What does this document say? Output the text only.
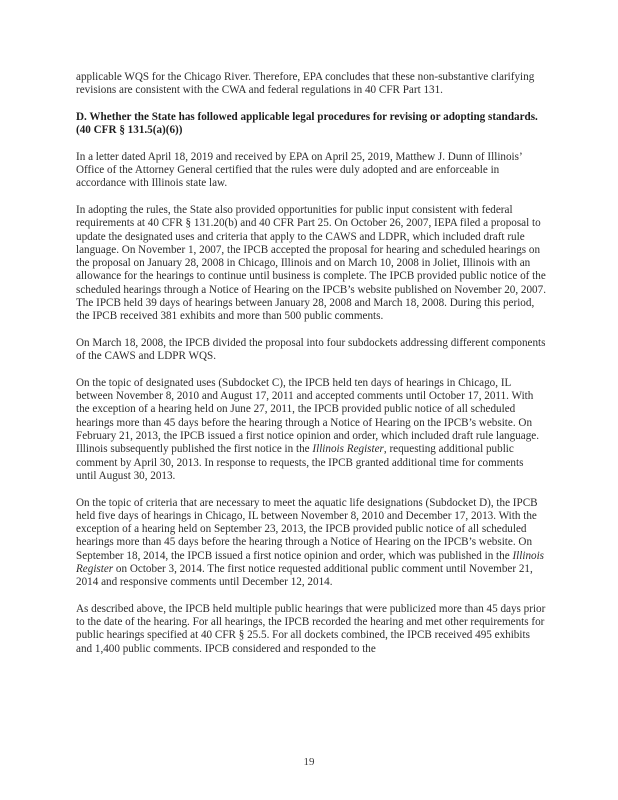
applicable WQS for the Chicago River. Therefore, EPA concludes that these non-substantive clarifying revisions are consistent with the CWA and federal regulations in 40 CFR Part 131.

D. Whether the State has followed applicable legal procedures for revising or adopting standards. (40 CFR § 131.5(a)(6))

In a letter dated April 18, 2019 and received by EPA on April 25, 2019, Matthew J. Dunn of Illinois’ Office of the Attorney General certified that the rules were duly adopted and are enforceable in accordance with Illinois state law.

In adopting the rules, the State also provided opportunities for public input consistent with federal requirements at 40 CFR § 131.20(b) and 40 CFR Part 25. On October 26, 2007, IEPA filed a proposal to update the designated uses and criteria that apply to the CAWS and LDPR, which included draft rule language. On November 1, 2007, the IPCB accepted the proposal for hearing and scheduled hearings on the proposal on January 28, 2008 in Chicago, Illinois and on March 10, 2008 in Joliet, Illinois with an allowance for the hearings to continue until business is complete. The IPCB provided public notice of the scheduled hearings through a Notice of Hearing on the IPCB’s website published on November 20, 2007. The IPCB held 39 days of hearings between January 28, 2008 and March 18, 2008. During this period, the IPCB received 381 exhibits and more than 500 public comments.

On March 18, 2008, the IPCB divided the proposal into four subdockets addressing different components of the CAWS and LDPR WQS.

On the topic of designated uses (Subdocket C), the IPCB held ten days of hearings in Chicago, IL between November 8, 2010 and August 17, 2011 and accepted comments until October 17, 2011. With the exception of a hearing held on June 27, 2011, the IPCB provided public notice of all scheduled hearings more than 45 days before the hearing through a Notice of Hearing on the IPCB’s website. On February 21, 2013, the IPCB issued a first notice opinion and order, which included draft rule language. Illinois subsequently published the first notice in the Illinois Register, requesting additional public comment by April 30, 2013. In response to requests, the IPCB granted additional time for comments until August 30, 2013.

On the topic of criteria that are necessary to meet the aquatic life designations (Subdocket D), the IPCB held five days of hearings in Chicago, IL between November 8, 2010 and December 17, 2013. With the exception of a hearing held on September 23, 2013, the IPCB provided public notice of all scheduled hearings more than 45 days before the hearing through a Notice of Hearing on the IPCB’s website. On September 18, 2014, the IPCB issued a first notice opinion and order, which was published in the Illinois Register on October 3, 2014. The first notice requested additional public comment until November 21, 2014 and responsive comments until December 12, 2014.

As described above, the IPCB held multiple public hearings that were publicized more than 45 days prior to the date of the hearing. For all hearings, the IPCB recorded the hearing and met other requirements for public hearings specified at 40 CFR § 25.5. For all dockets combined, the IPCB received 495 exhibits and 1,400 public comments. IPCB considered and responded to the

19
